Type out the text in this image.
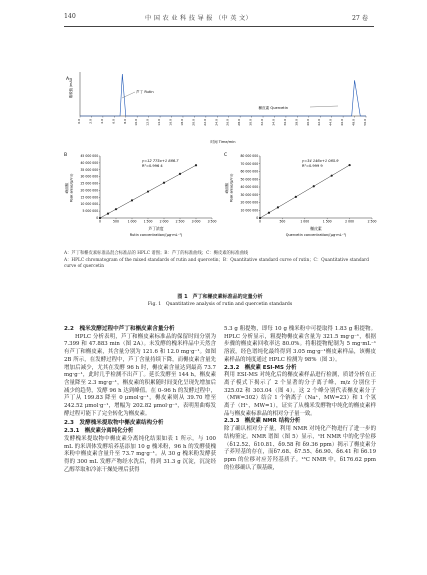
140	中 国 农 业 科 技 导 报 （中 英 文）	27 卷
A 吸收值 /mAU
0.0 2.0 4.0 6.0 8.0 10.0 12.0 14.0 16.0 18.0 20.0 22.0 24.0 26.0 28.0 30.0 32.0 34.0 36.0 38.0 40.0 42.0 44.0 46.0 48.0 50.0
芦丁 Rutin
槲皮素 Quercetin
时间 Time/min
B
0	500	1 000 1 500 2 000 2 500 3 000 3 500
0
5 000 000
10 000 000
15 000 000
20 000 000
25 000 000
30 000 000
35 000 000
40 000 000
45 000 000
y=12 775x+1 886.7
R²=0.996 4
峰面积 Peak areas/(μV·s)
芦丁浓度
Rutin concentration/(μg·mL⁻¹)
C
0	500	1 000	1 500	2 000	2 500
0
10 000 000
20 000 000
30 000 000
40 000 000
50 000 000
60 000 000
70 000 000
80 000 000
y=34 146x+1 085.9
R²=0.999 9
峰面积 Peak areas/(μV·s)
槲皮素
Quercetin concentration/(μg·mL⁻¹)
A：芦丁和槲皮素标准品混合标准品的 HPLC 谱图；B：芦丁的标准曲线；C：槲皮素的标准曲线
A：HPLC chromatogram of the mixed standards of rutin and quercetin；B：Quantitative standard curve of rutin；C：Quantitative standard curve of quercetin
图 1　芦丁和槲皮素标准品的定量分析
Fig. 1　Quantitative analysis of rutin and quercetin standards
2.2　槐米发酵过程中芦丁和槲皮素含量分析

HPLC 分析表明，芦丁和槲皮素标准品的保留时间分别为 7.399 和 47.883 min（图 2A）。未发酵的槐米样品中天然含有芦丁和槲皮素，其含量分别为 121.6 和 12.0 mg·g⁻¹。如图 2B 所示，在发酵过程中，芦丁含量持续下降，而槲皮素含量先增加后减少，尤其在发酵 96 h 时，槲皮素含量达到最高 73.7 mg·g⁻¹，此时几乎检测不出芦丁。延长发酵至 144 h，槲皮素含量降至 2.3 mg·g⁻¹，槲皮素的积累随时间变化呈现先增加后减少的趋势，发酵 96 h 达到峰值。在 0–96 h 的发酵过程中，芦丁从 199.83 降至 0 μmol·g⁻¹，槲皮素则从 39.70 增至 242.52 μmol·g⁻¹，增幅为 202.82 μmol·g⁻¹，表明黑曲霉发酵过程可能下了完全转化为槲皮素。

2.3　发酵槐米提取物中槲皮素结构分析
2.3.1　槲皮素分离纯化分析

发酵槐米提取物中槲皮素分离纯化结果如表 1 所示，与 100 mL 的米训体发酵培养基添加 10 g 槐米粉，96 h 的发酵使槐米粉中槲皮素含量升至 73.7 mg·g⁻¹。从 30 g 槐米粉发酵获得的 300 mL 发酵产物经水洗后，得到 31.3 g 沉淀，沉淀经乙醇萃取和冷冻干燥处理后获得

5.3 g 粗提物，即每 10 g 槐米粉中可提取得 1.83 g 粗提物。HPLC 分析显示，粗提物槲皮素含量为 321.5 mg·g⁻¹，根据步骤的槲皮素回收率达 80.0%。将粗提物配制为 5 mg·mL⁻¹溶液，经色谱纯化最终得到 3.05 mg·g⁻¹槲皮素样品，该槲皮素样品的纯度通过 HPLC 检测为 98%（图 3）。

2.3.2　槲皮素 ESI-MS 分析

利用 ESI-MS 对纯化后的槲皮素样品进行检测，质谱分析在正离子模式下揭示了 2 个显著的分子离子峰，m/z 分别位于 325.02 和 303.04（图 4）。这 2 个峰分别代表槲皮素分子（MW=302）结合 1 个钠离子（Na⁺，MW=23）和 1 个氢离子（H⁺，MW=1），证实了从槐米发酵物中纯化的槲皮素样品与槲皮素标准品的相对分子量一致。

2.3.3　槲皮素 NMR 结构分析

除了确认相对分子量，利用 NMR 对纯化产物进行了进一步的结构鉴定。NMR 谱图（图 5）显示，¹H NMR 中的化学位移（δ12.52、δ10.81、δ9.58 和 δ9.36 ppm）揭示了槲皮素分子养羟基的存在，而δ7.68、δ7.55、δ6.90、δ6.41 和 δ6.19 ppm 的位移对应芳羟基质子。¹³C NMR 中，δ176.62 ppm 的位移确认了羰基碳，
